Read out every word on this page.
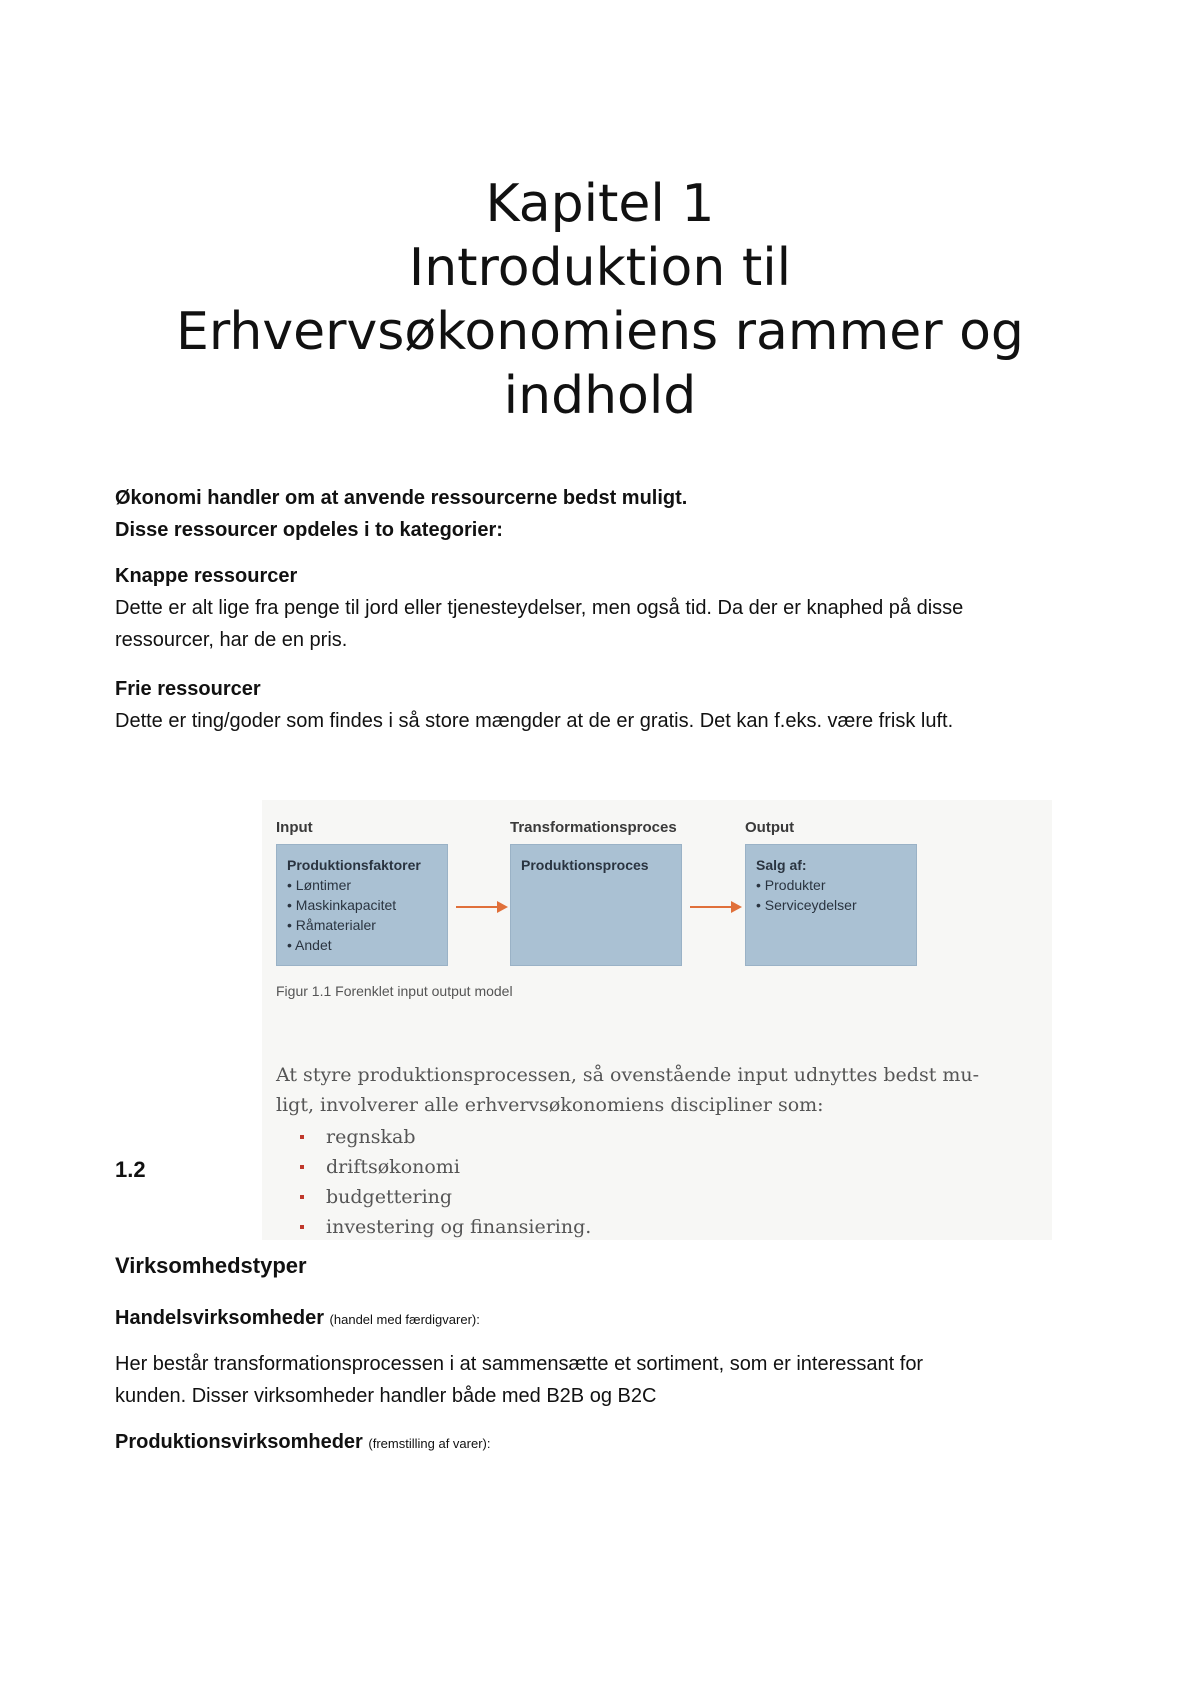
Kapitel 1
Introduktion til
Erhvervsøkonomiens rammer og
indhold
Økonomi handler om at anvende ressourcerne bedst muligt.
Disse ressourcer opdeles i to kategorier:
Knappe ressourcer
Dette er alt lige fra penge til jord eller tjenesteydelser, men også tid. Da der er knaphed på disse
ressourcer, har de en pris.
Frie ressourcer
Dette er ting/goder som findes i så store mængder at de er gratis. Det kan f.eks. være frisk luft.
Input	Transformationsproces	Output
Produktionsfaktorer
• Løntimer
• Maskinkapacitet
• Råmaterialer
• Andet
Produktionsproces	Salg af:
• Produkter
• Serviceydelser
Figur 1.1 Forenklet input output model
At styre produktionsprocessen, så ovenstående input udnyttes bedst mu-
ligt, involverer alle erhvervsøkonomiens discipliner som:
regnskab
driftsøkonomi
budgettering
investering og finansiering.
1.2
Virksomhedstyper
Handelsvirksomheder (handel med færdigvarer):
Her består transformationsprocessen i at sammensætte et sortiment, som er interessant for
kunden. Disser virksomheder handler både med B2B og B2C
Produktionsvirksomheder (fremstilling af varer):
